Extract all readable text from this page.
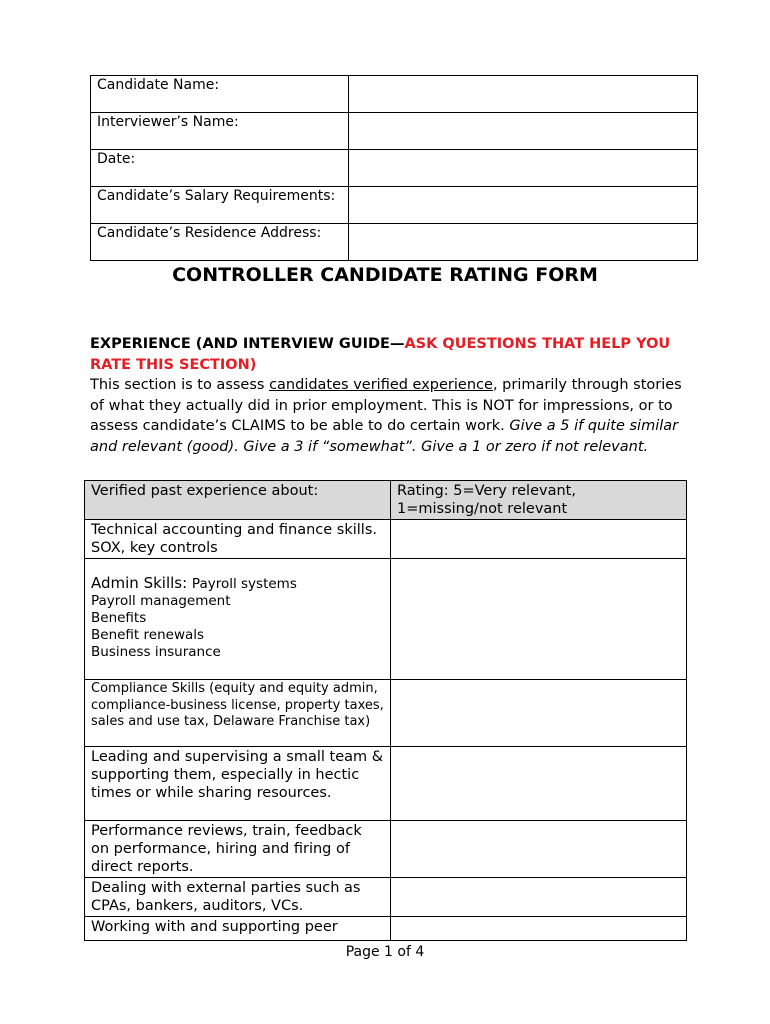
Candidate Name:	
Interviewer’s Name:	
Date:	
Candidate’s Salary Requirements:	
Candidate’s Residence Address:	
CONTROLLER CANDIDATE RATING FORM
EXPERIENCE (AND INTERVIEW GUIDE—ASK QUESTIONS THAT HELP YOU RATE THIS SECTION)
This section is to assess candidates verified experience, primarily through stories of what they actually did in prior employment. This is NOT for impressions, or to assess candidate’s CLAIMS to be able to do certain work. Give a 5 if quite similar and relevant (good). Give a 3 if “somewhat”. Give a 1 or zero if not relevant.
Verified past experience about:	Rating: 5=Very relevant, 1=missing/not relevant
Technical accounting and finance skills. SOX, key controls	

Admin Skills: Payroll systems
Payroll management
Benefits
Benefit renewals
Business insurance	

Compliance Skills (equity and equity admin, compliance-business license, property taxes, sales and use tax, Delaware Franchise tax)	
Leading and supervising a small team & supporting them, especially in hectic times or while sharing resources.	
Performance reviews, train, feedback on performance, hiring and firing of direct reports.	
Dealing with external parties such as CPAs, bankers, auditors, VCs.	
Working with and supporting peer	
Page 1 of 4
